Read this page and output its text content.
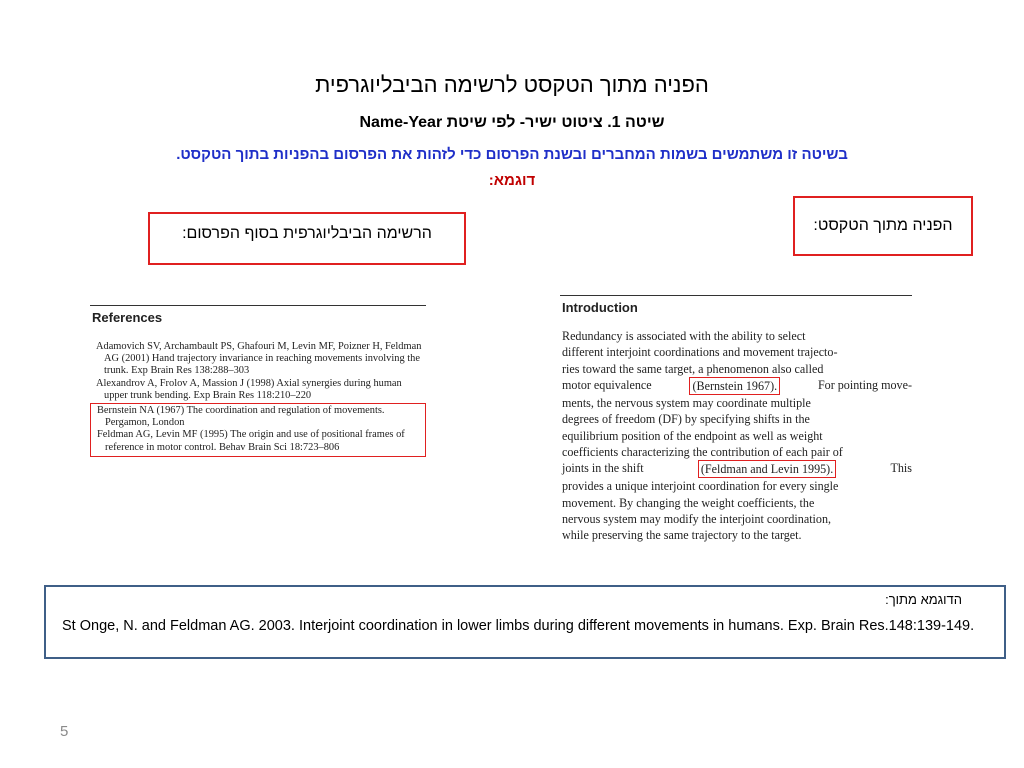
הפניה מתוך הטקסט לרשימה הביבליוגרפית
שיטה 1. ציטוט ישיר- לפי שיטת Name-Year
בשיטה זו משתמשים בשמות המחברים ובשנת הפרסום כדי לזהות את הפרסום בהפניות בתוך הטקסט.
דוגמא:
הרשימה הביבליוגרפית בסוף הפרסום:	הפניה מתוך הטקסט:
References
Adamovich SV, Archambault PS, Ghafouri M, Levin MF, Poizner H, Feldman AG (2001) Hand trajectory invariance in reaching movements involving the trunk. Exp Brain Res 138:288–303
Alexandrov A, Frolov A, Massion J (1998) Axial synergies during human upper trunk bending. Exp Brain Res 118:210–220
Bernstein NA (1967) The coordination and regulation of movements. Pergamon, London
Feldman AG, Levin MF (1995) The origin and use of positional frames of reference in motor control. Behav Brain Sci 18:723–806
Introduction
Redundancy is associated with the ability to select
different interjoint coordinations and movement trajecto-
ries toward the same target, a phenomenon also called
motor equivalence	(Bernstein 1967).	For pointing move-
ments, the nervous system may coordinate multiple
degrees of freedom (DF) by specifying shifts in the
equilibrium position of the endpoint as well as weight
coefficients characterizing the contribution of each pair of
joints in the shift	(Feldman and Levin 1995).	This
provides a unique interjoint coordination for every single
movement. By changing the weight coefficients, the
nervous system may modify the interjoint coordination,
while preserving the same trajectory to the target.
הדוגמא מתוך:
St Onge, N. and Feldman AG. 2003. Interjoint coordination in lower limbs during different movements in humans. Exp. Brain Res.148:139-149.
5
